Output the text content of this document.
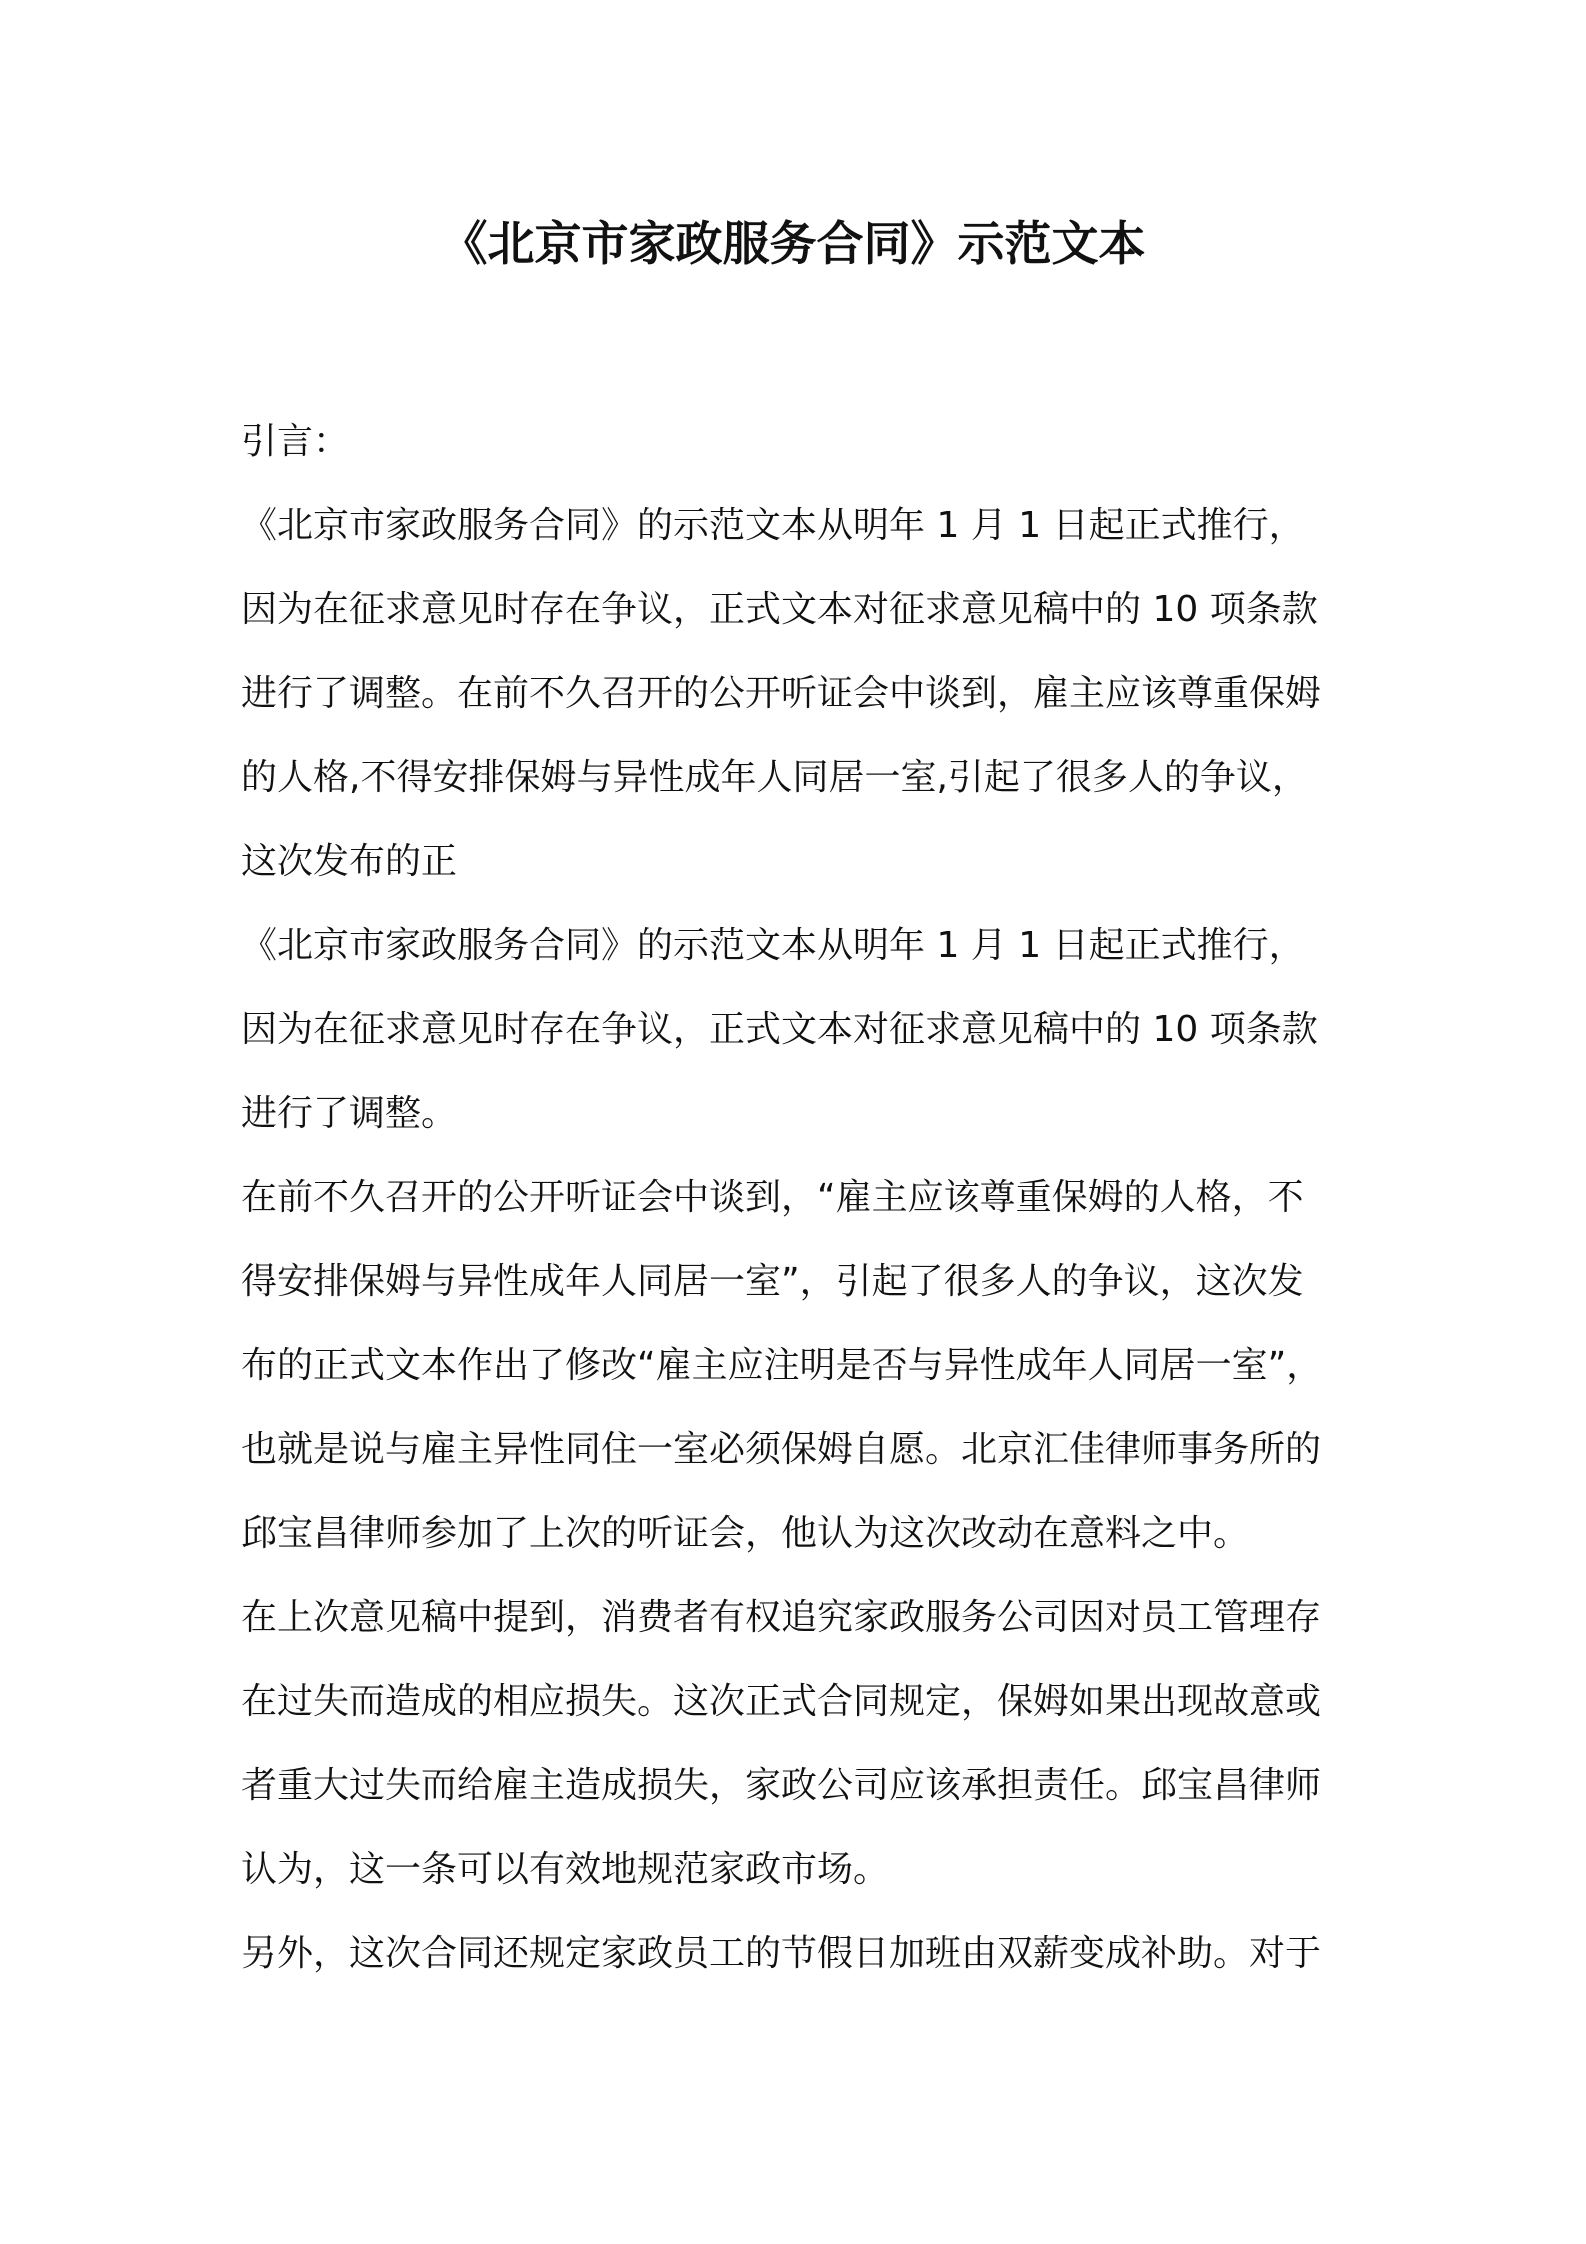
《北京市家政服务合同》示范文本
引言：
《北京市家政服务合同》的示范文本从明年 1 月 1 日起正式推行，
因为在征求意见时存在争议，正式文本对征求意见稿中的 10 项条款
进行了调整。在前不久召开的公开听证会中谈到，雇主应该尊重保姆
的人格,不得安排保姆与异性成年人同居一室,引起了很多人的争议，
这次发布的正
《北京市家政服务合同》的示范文本从明年 1 月 1 日起正式推行，
因为在征求意见时存在争议，正式文本对征求意见稿中的 10 项条款
进行了调整。
在前不久召开的公开听证会中谈到，“雇主应该尊重保姆的人格，不
得安排保姆与异性成年人同居一室”，引起了很多人的争议，这次发
布的正式文本作出了修改“雇主应注明是否与异性成年人同居一室”，
也就是说与雇主异性同住一室必须保姆自愿。北京汇佳律师事务所的
邱宝昌律师参加了上次的听证会，他认为这次改动在意料之中。
在上次意见稿中提到，消费者有权追究家政服务公司因对员工管理存
在过失而造成的相应损失。这次正式合同规定，保姆如果出现故意或
者重大过失而给雇主造成损失，家政公司应该承担责任。邱宝昌律师
认为，这一条可以有效地规范家政市场。
另外，这次合同还规定家政员工的节假日加班由双薪变成补助。对于
